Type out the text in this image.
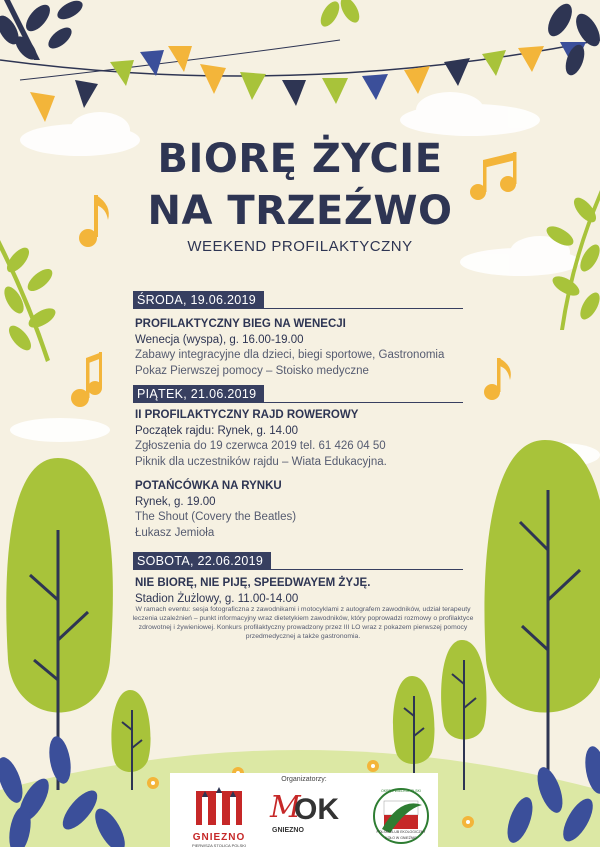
BIORĘ ŻYCIE
NA TRZEŹWO
WEEKEND PROFILAKTYCZNY
ŚRODA, 19.06.2019
PROFILAKTYCZNY BIEG NA WENECJI
Wenecja (wyspa), g. 16.00-19.00
Zabawy integracyjne dla dzieci, biegi sportowe, Gastronomia
Pokaz Pierwszej pomocy – Stoisko medyczne
PIĄTEK, 21.06.2019
II PROFILAKTYCZNY RAJD ROWEROWY
Początek rajdu: Rynek, g. 14.00
Zgłoszenia do 19 czerwca 2019 tel. 61 426 04 50
Piknik dla uczestników rajdu – Wiata Edukacyjna.
POTAŃCÓWKA NA RYNKU
Rynek, g. 19.00
The Shout (Covery the Beatles)
Łukasz Jemioła
SOBOTA, 22.06.2019
NIE BIORĘ, NIE PIJĘ, SPEEDWAYEM ŻYJĘ.
Stadion Żużlowy, g. 11.00-14.00
W ramach eventu: sesja fotograficzna z zawodnikami i motocyklami z autografem zawodników, udział terapeuty
leczenia uzależnień – punkt informacyjny wraz dietetykiem zawodników, który poprowadzi rozmowy o profilaktyce
zdrowotnej i żywieniowej. Konkurs profilaktyczny prowadzony przez III LO wraz z pokazem pierwszej pomocy
przedmedycznej a także gastronomia.
Organizatorzy:
GNIEZNO
PIERWSZA STOLICA POLSKI
M
OK
GNIEZNO
OKRĘG WIELKOPOLSKI
POLSKI KLUB EKOLOGICZNY
KOŁO W GNIEŹNIE
